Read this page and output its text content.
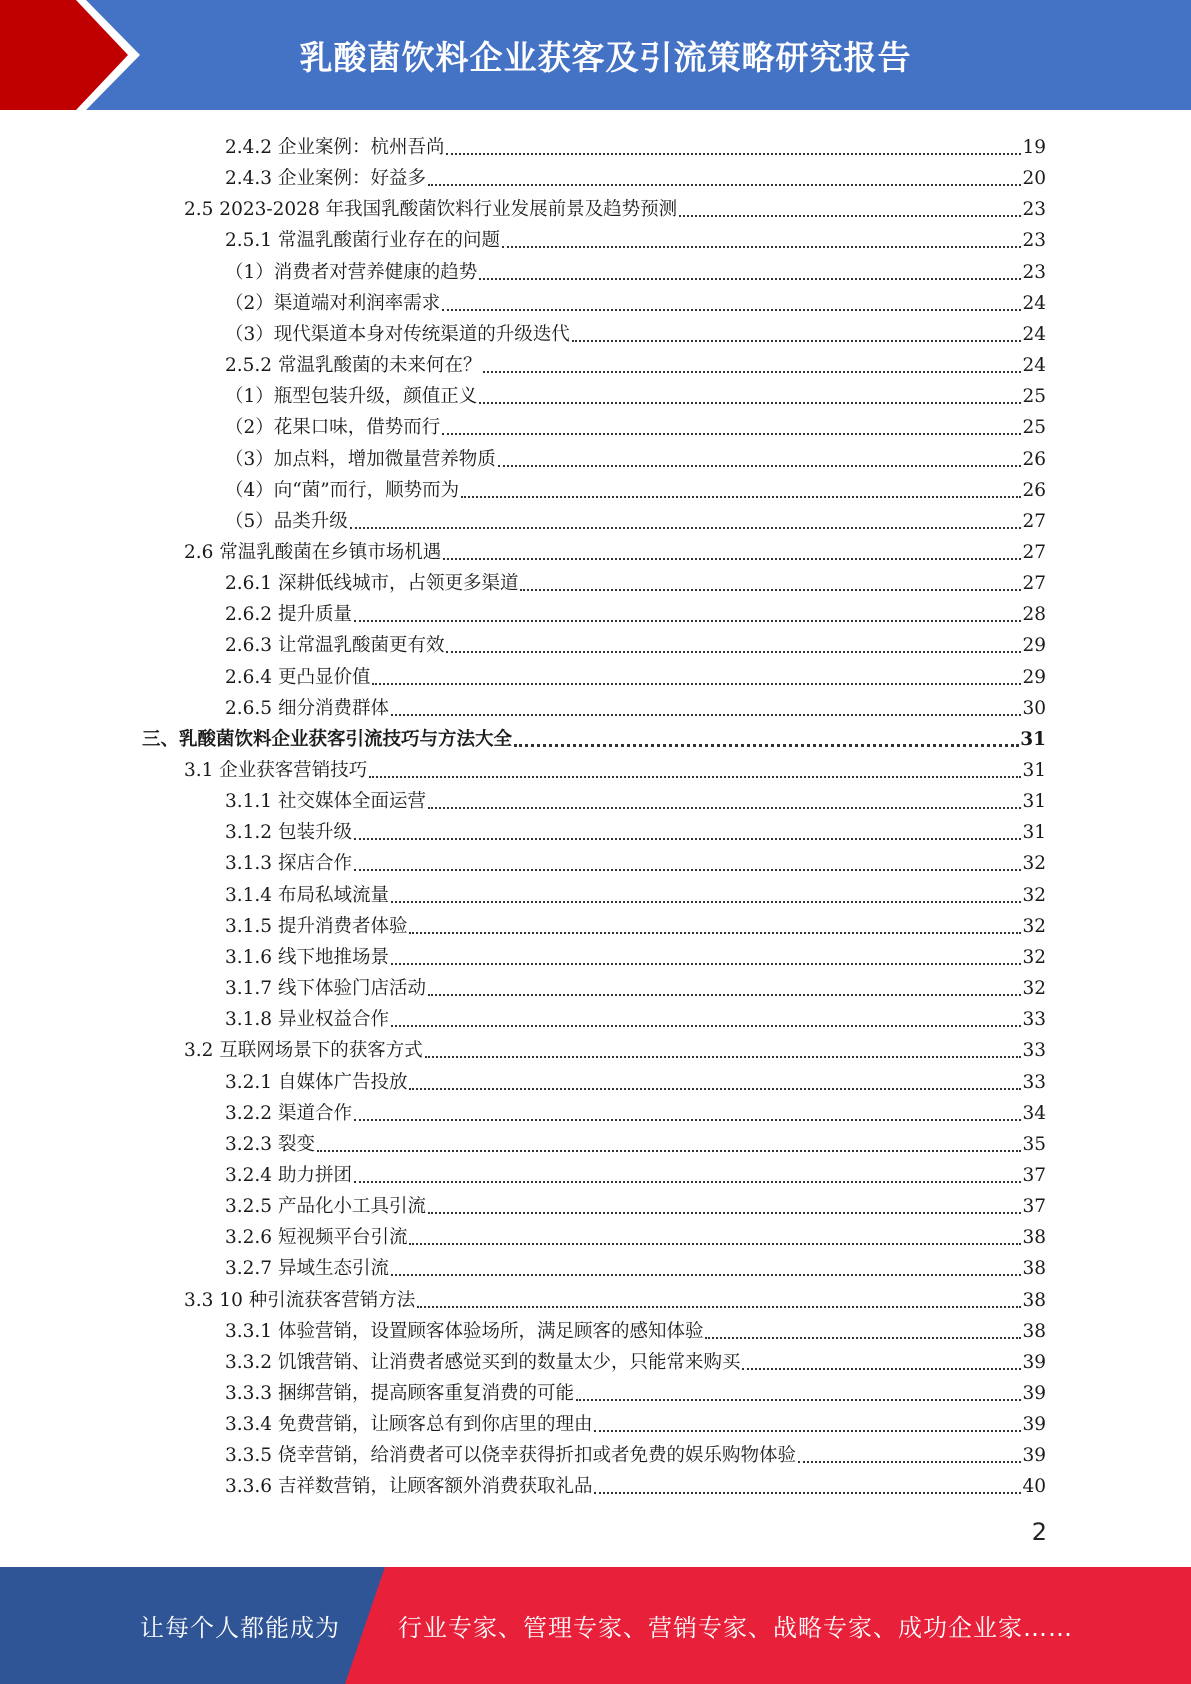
乳酸菌饮料企业获客及引流策略研究报告
2.4.2 企业案例：杭州吾尚	19
2.4.3 企业案例：好益多	20
2.5 2023-2028 年我国乳酸菌饮料行业发展前景及趋势预测	23
2.5.1 常温乳酸菌行业存在的问题	23
（1）消费者对营养健康的趋势	23
（2）渠道端对利润率需求	24
（3）现代渠道本身对传统渠道的升级迭代	24
2.5.2 常温乳酸菌的未来何在？	24
（1）瓶型包装升级，颜值正义	25
（2）花果口味，借势而行	25
（3）加点料，增加微量营养物质	26
（4）向“菌”而行，顺势而为	26
（5）品类升级	27
2.6 常温乳酸菌在乡镇市场机遇	27
2.6.1 深耕低线城市，占领更多渠道	27
2.6.2 提升质量	28
2.6.3 让常温乳酸菌更有效	29
2.6.4 更凸显价值	29
2.6.5 细分消费群体	30
三、乳酸菌饮料企业获客引流技巧与方法大全	31
3.1 企业获客营销技巧	31
3.1.1 社交媒体全面运营	31
3.1.2 包装升级	31
3.1.3 探店合作	32
3.1.4 布局私域流量	32
3.1.5 提升消费者体验	32
3.1.6 线下地推场景	32
3.1.7 线下体验门店活动	32
3.1.8 异业权益合作	33
3.2 互联网场景下的获客方式	33
3.2.1 自媒体广告投放	33
3.2.2 渠道合作	34
3.2.3 裂变	35
3.2.4 助力拼团	37
3.2.5 产品化小工具引流	37
3.2.6 短视频平台引流	38
3.2.7 异域生态引流	38
3.3 10 种引流获客营销方法	38
3.3.1 体验营销，设置顾客体验场所，满足顾客的感知体验	38
3.3.2 饥饿营销、让消费者感觉买到的数量太少，只能常来购买	39
3.3.3 捆绑营销，提高顾客重复消费的可能	39
3.3.4 免费营销，让顾客总有到你店里的理由	39
3.3.5 侥幸营销，给消费者可以侥幸获得折扣或者免费的娱乐购物体验	39
3.3.6 吉祥数营销，让顾客额外消费获取礼品	40
2
让每个人都能成为 行业专家、管理专家、营销专家、战略专家、成功企业家……
